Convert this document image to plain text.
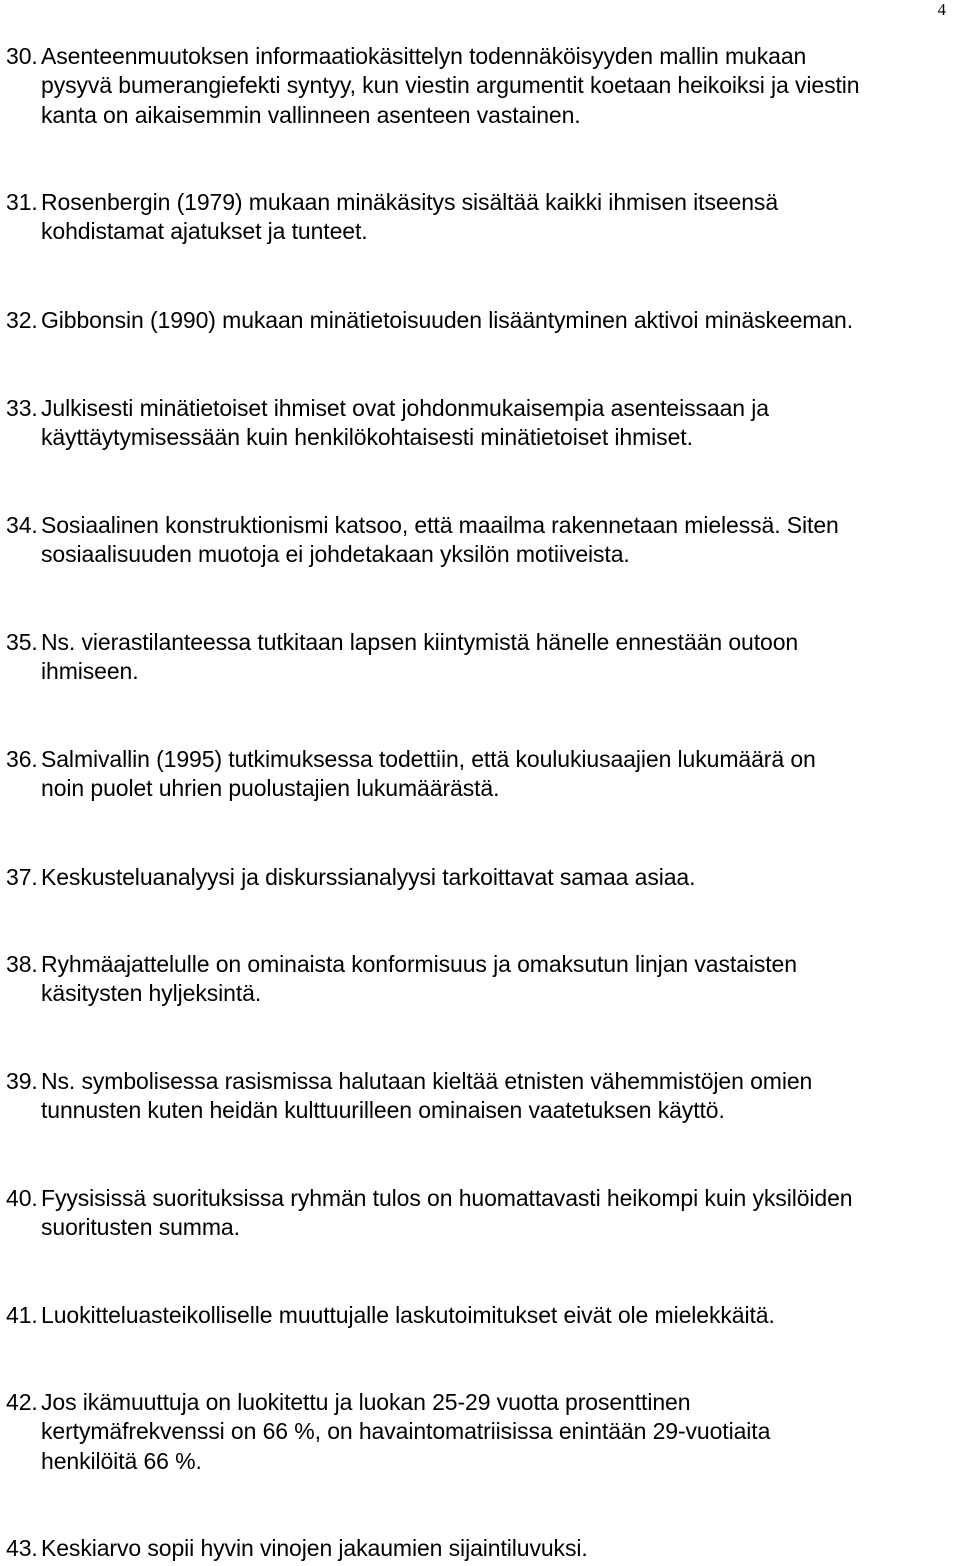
4
30. Asenteenmuutoksen informaatiokäsittelyn todennäköisyyden mallin mukaan
pysyvä bumerangiefekti syntyy, kun viestin argumentit koetaan heikoiksi ja viestin
kanta on aikaisemmin vallinneen asenteen vastainen.
31. Rosenbergin (1979) mukaan minäkäsitys sisältää kaikki ihmisen itseensä
kohdistamat ajatukset ja tunteet.
32. Gibbonsin (1990) mukaan minätietoisuuden lisääntyminen aktivoi minäskeeman.
33. Julkisesti minätietoiset ihmiset ovat johdonmukaisempia asenteissaan ja
käyttäytymisessään kuin henkilökohtaisesti minätietoiset ihmiset.
34. Sosiaalinen konstruktionismi katsoo, että maailma rakennetaan mielessä. Siten
sosiaalisuuden muotoja ei johdetakaan yksilön motiiveista.
35. Ns. vierastilanteessa tutkitaan lapsen kiintymistä hänelle ennestään outoon
ihmiseen.
36. Salmivallin (1995) tutkimuksessa todettiin, että koulukiusaajien lukumäärä on
noin puolet uhrien puolustajien lukumäärästä.
37. Keskusteluanalyysi ja diskurssianalyysi tarkoittavat samaa asiaa.
38. Ryhmäajattelulle on ominaista konformisuus ja omaksutun linjan vastaisten
käsitysten hyljeksintä.
39. Ns. symbolisessa rasismissa halutaan kieltää etnisten vähemmistöjen omien
tunnusten kuten heidän kulttuurilleen ominaisen vaatetuksen käyttö.
40. Fyysisissä suorituksissa ryhmän tulos on huomattavasti heikompi kuin yksilöiden
suoritusten summa.
41. Luokitteluasteikolliselle muuttujalle laskutoimitukset eivät ole mielekkäitä.
42. Jos ikämuuttuja on luokitettu ja luokan 25-29 vuotta prosenttinen
kertymäfrekvenssi on 66 %, on havaintomatriisissa enintään 29-vuotiaita
henkilöitä 66 %.
43. Keskiarvo sopii hyvin vinojen jakaumien sijaintiluvuksi.
